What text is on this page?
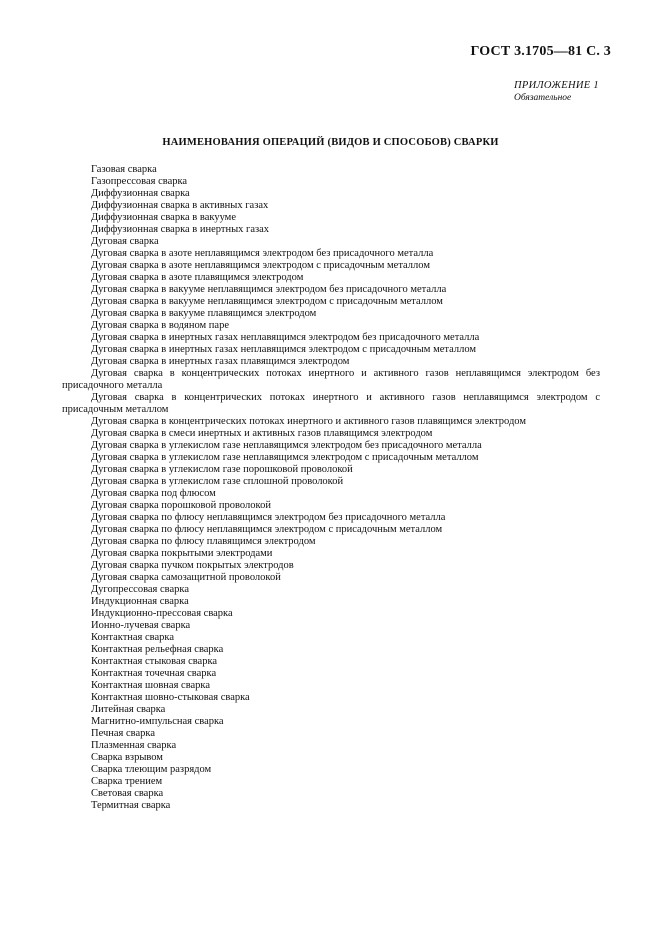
ГОСТ 3.1705—81 С. 3
ПРИЛОЖЕНИЕ 1
Обязательное
НАИМЕНОВАНИЯ ОПЕРАЦИЙ (ВИДОВ И СПОСОБОВ) СВАРКИ
Газовая сварка
Газопрессовая сварка
Диффузионная сварка
Диффузионная сварка в активных газах
Диффузионная сварка в вакууме
Диффузионная сварка в инертных газах
Дуговая сварка
Дуговая сварка в азоте неплавящимся электродом без присадочного металла
Дуговая сварка в азоте неплавящимся электродом с присадочным металлом
Дуговая сварка в азоте плавящимся электродом
Дуговая сварка в вакууме неплавящимся электродом без присадочного металла
Дуговая сварка в вакууме неплавящимся электродом с присадочным металлом
Дуговая сварка в вакууме плавящимся электродом
Дуговая сварка в водяном паре
Дуговая сварка в инертных газах неплавящимся электродом без присадочного металла
Дуговая сварка в инертных газах неплавящимся электродом с присадочным металлом
Дуговая сварка в инертных газах плавящимся электродом
Дуговая сварка в концентрических потоках инертного и активного газов неплавящимся электродом без присадочного металла
Дуговая сварка в концентрических потоках инертного и активного газов неплавящимся электродом с присадочным металлом
Дуговая сварка в концентрических потоках инертного и активного газов плавящимся электродом
Дуговая сварка в смеси инертных и активных газов плавящимся электродом
Дуговая сварка в углекислом газе неплавящимся электродом без присадочного металла
Дуговая сварка в углекислом газе неплавящимся электродом с присадочным металлом
Дуговая сварка в углекислом газе порошковой проволокой
Дуговая сварка в углекислом газе сплошной проволокой
Дуговая сварка под флюсом
Дуговая сварка порошковой проволокой
Дуговая сварка по флюсу неплавящимся электродом без присадочного металла
Дуговая сварка по флюсу неплавящимся электродом с присадочным металлом
Дуговая сварка по флюсу плавящимся электродом
Дуговая сварка покрытыми электродами
Дуговая сварка пучком покрытых электродов
Дуговая сварка самозащитной проволокой
Дугопрессовая сварка
Индукционная сварка
Индукционно-прессовая сварка
Ионно-лучевая сварка
Контактная сварка
Контактная рельефная сварка
Контактная стыковая сварка
Контактная точечная сварка
Контактная шовная сварка
Контактная шовно-стыковая сварка
Литейная сварка
Магнитно-импульсная сварка
Печная сварка
Плазменная сварка
Сварка взрывом
Сварка тлеющим разрядом
Сварка трением
Световая сварка
Термитная сварка
